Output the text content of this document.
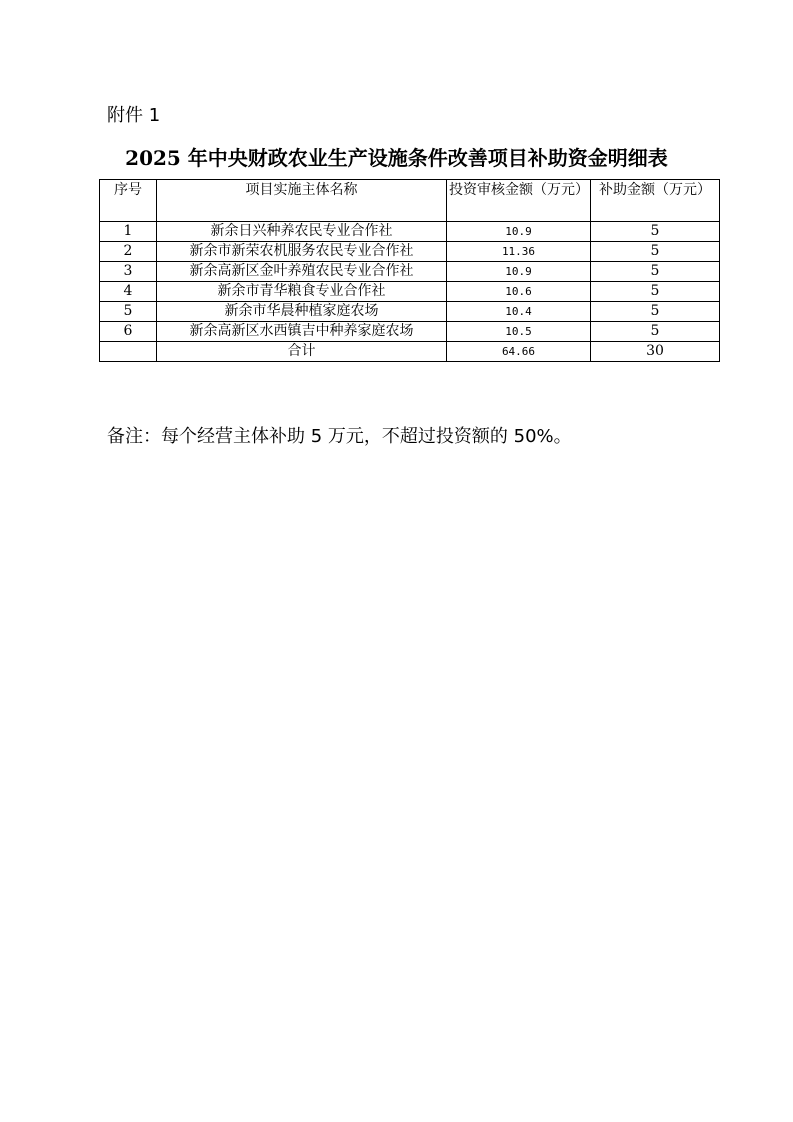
附件 1
2025 年中央财政农业生产设施条件改善项目补助资金明细表
序号	项目实施主体名称	投资审核金额（万元）	补助金额（万元）
1	新余日兴种养农民专业合作社	10.9	5
2	新余市新荣农机服务农民专业合作社	11.36	5
3	新余高新区金叶养殖农民专业合作社	10.9	5
4	新余市青华粮食专业合作社	10.6	5
5	新余市华晨种植家庭农场	10.4	5
6	新余高新区水西镇吉中种养家庭农场	10.5	5
	合计	64.66	30
备注：每个经营主体补助 5 万元，不超过投资额的 50%。
